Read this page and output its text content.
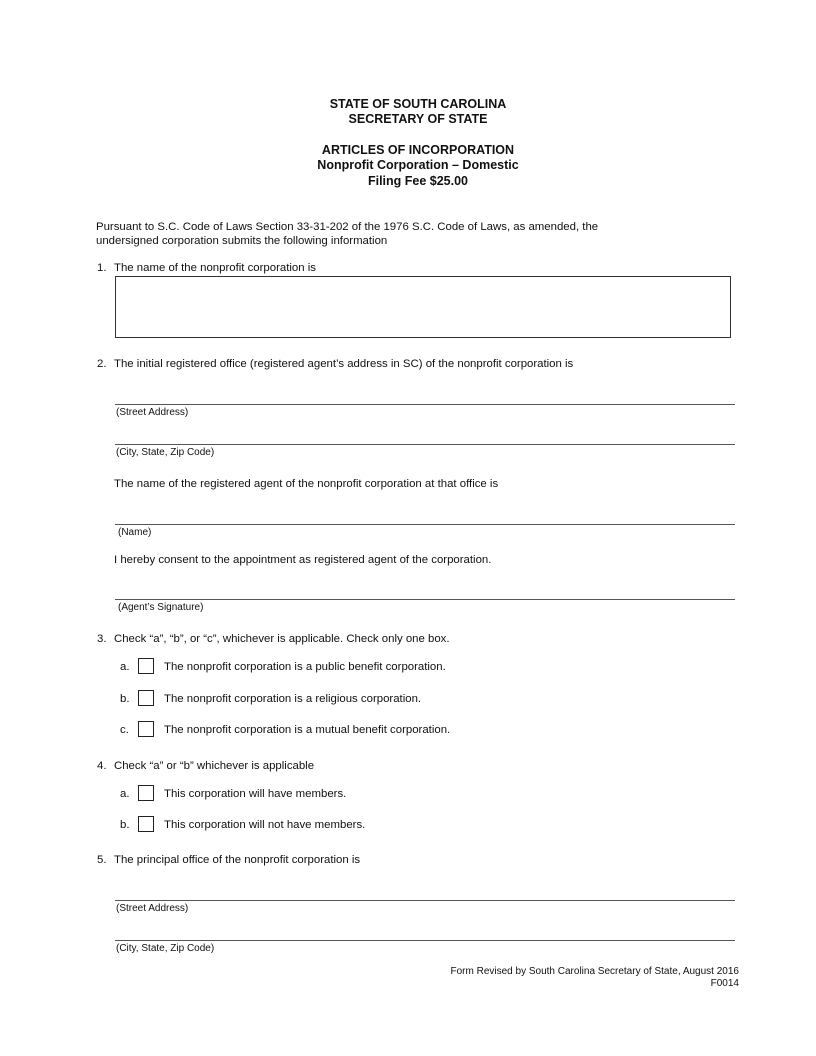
STATE OF SOUTH CAROLINA
SECRETARY OF STATE
ARTICLES OF INCORPORATION
Nonprofit Corporation – Domestic
Filing Fee $25.00
Pursuant to S.C. Code of Laws Section 33-31-202 of the 1976 S.C. Code of Laws, as amended, the
undersigned corporation submits the following information
1. The name of the nonprofit corporation is
2. The initial registered office (registered agent’s address in SC) of the nonprofit corporation is
(Street Address)
(City, State, Zip Code)
The name of the registered agent of the nonprofit corporation at that office is
(Name)
I hereby consent to the appointment as registered agent of the corporation.
(Agent’s Signature)
3. Check “a”, “b”, or “c”, whichever is applicable. Check only one box.
a.	The nonprofit corporation is a public benefit corporation.
b.	The nonprofit corporation is a religious corporation.
c.	The nonprofit corporation is a mutual benefit corporation.
4. Check “a” or “b” whichever is applicable
a.	This corporation will have members.
b.	This corporation will not have members.
5. The principal office of the nonprofit corporation is
(Street Address)
(City, State, Zip Code)
Form Revised by South Carolina Secretary of State, August 2016
F0014
